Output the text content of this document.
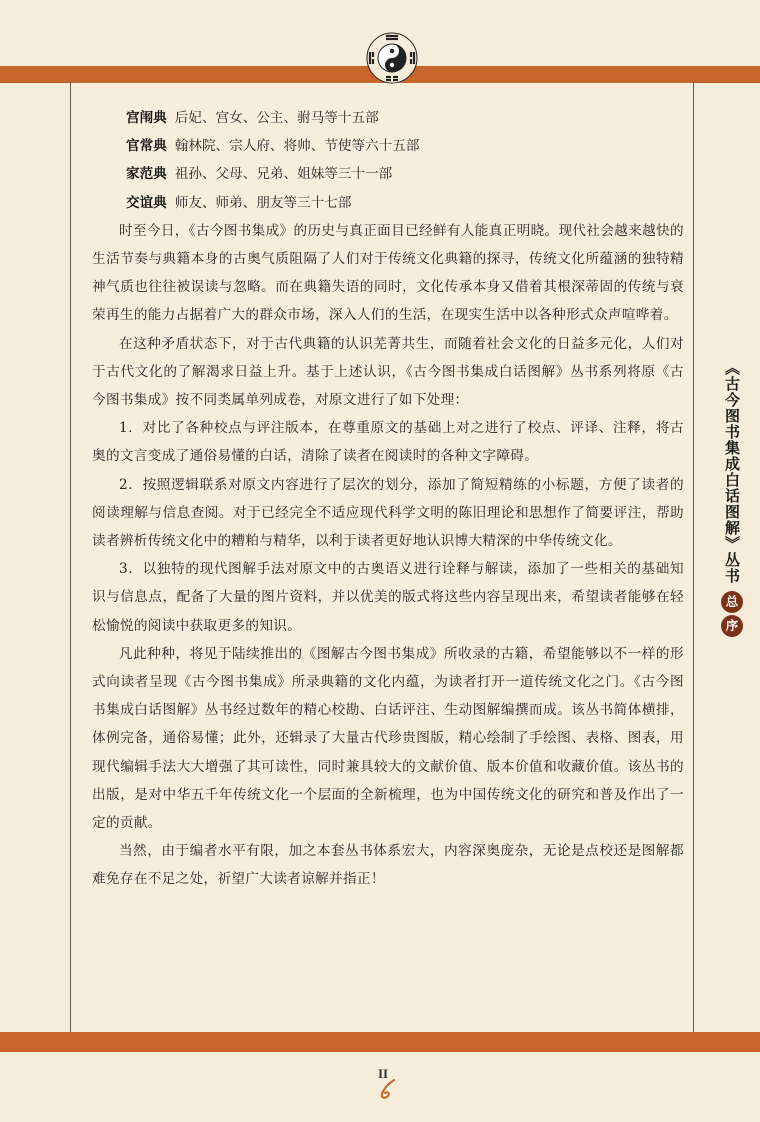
宫闱典 后妃、宫女、公主、驸马等十五部

官常典 翰林院、宗人府、将帅、节使等六十五部

家范典 祖孙、父母、兄弟、姐妹等三十一部

交谊典 师友、师弟、朋友等三十七部

时至今日，《古今图书集成》的历史与真正面目已经鲜有人能真正明晓。现代社会越来越快的生活节奏与典籍本身的古奥气质阻隔了人们对于传统文化典籍的探寻，传统文化所蕴涵的独特精神气质也往往被误读与忽略。而在典籍失语的同时，文化传承本身又借着其根深蒂固的传统与衰荣再生的能力占据着广大的群众市场，深入人们的生活，在现实生活中以各种形式众声喧哗着。

在这种矛盾状态下，对于古代典籍的认识芜菁共生，而随着社会文化的日益多元化，人们对于古代文化的了解渴求日益上升。基于上述认识，《古今图书集成白话图解》丛书系列将原《古今图书集成》按不同类属单列成卷，对原文进行了如下处理：

1．对比了各种校点与评注版本，在尊重原文的基础上对之进行了校点、评译、注释，将古奥的文言变成了通俗易懂的白话，清除了读者在阅读时的各种文字障碍。

2．按照逻辑联系对原文内容进行了层次的划分，添加了简短精练的小标题，方便了读者的阅读理解与信息查阅。对于已经完全不适应现代科学文明的陈旧理论和思想作了简要评注，帮助读者辨析传统文化中的糟粕与精华，以利于读者更好地认识博大精深的中华传统文化。

3．以独特的现代图解手法对原文中的古奥语义进行诠释与解读，添加了一些相关的基础知识与信息点，配备了大量的图片资料，并以优美的版式将这些内容呈现出来，希望读者能够在轻松愉悦的阅读中获取更多的知识。

凡此种种，将见于陆续推出的《图解古今图书集成》所收录的古籍，希望能够以不一样的形式向读者呈现《古今图书集成》所录典籍的文化内蕴，为读者打开一道传统文化之门。《古今图书集成白话图解》丛书经过数年的精心校勘、白话评注、生动图解编撰而成。该丛书简体横排，体例完备，通俗易懂；此外，还辑录了大量古代珍贵图版，精心绘制了手绘图、表格、图表，用现代编辑手法大大增强了其可读性，同时兼具较大的文献价值、版本价值和收藏价值。该丛书的出版，是对中华五千年传统文化一个层面的全新梳理，也为中国传统文化的研究和普及作出了一定的贡献。

当然，由于编者水平有限，加之本套丛书体系宏大，内容深奥庞杂，无论是点校还是图解都难免存在不足之处，祈望广大读者谅解并指正！

《古今图书集成白话图解》丛书
总
序
II
